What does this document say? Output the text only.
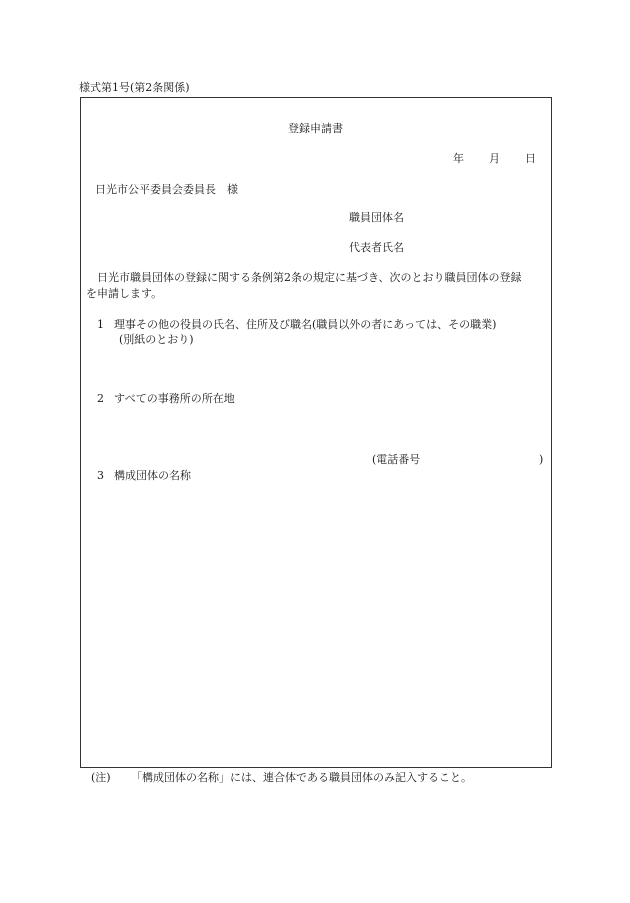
様式第1号(第2条関係)
登録申請書
年 月 日
日光市公平委員会委員長　様
職員団体名
代表者氏名
日光市職員団体の登録に関する条例第2条の規定に基づき、次のとおり職員団体の登録
を申請します。
1 理事その他の役員の氏名、住所及び職名(職員以外の者にあっては、その職業)
(別紙のとおり)
2 すべての事務所の所在地
(電話番号	)
3 構成団体の名称
(注) 「構成団体の名称」には、連合体である職員団体のみ記入すること。
